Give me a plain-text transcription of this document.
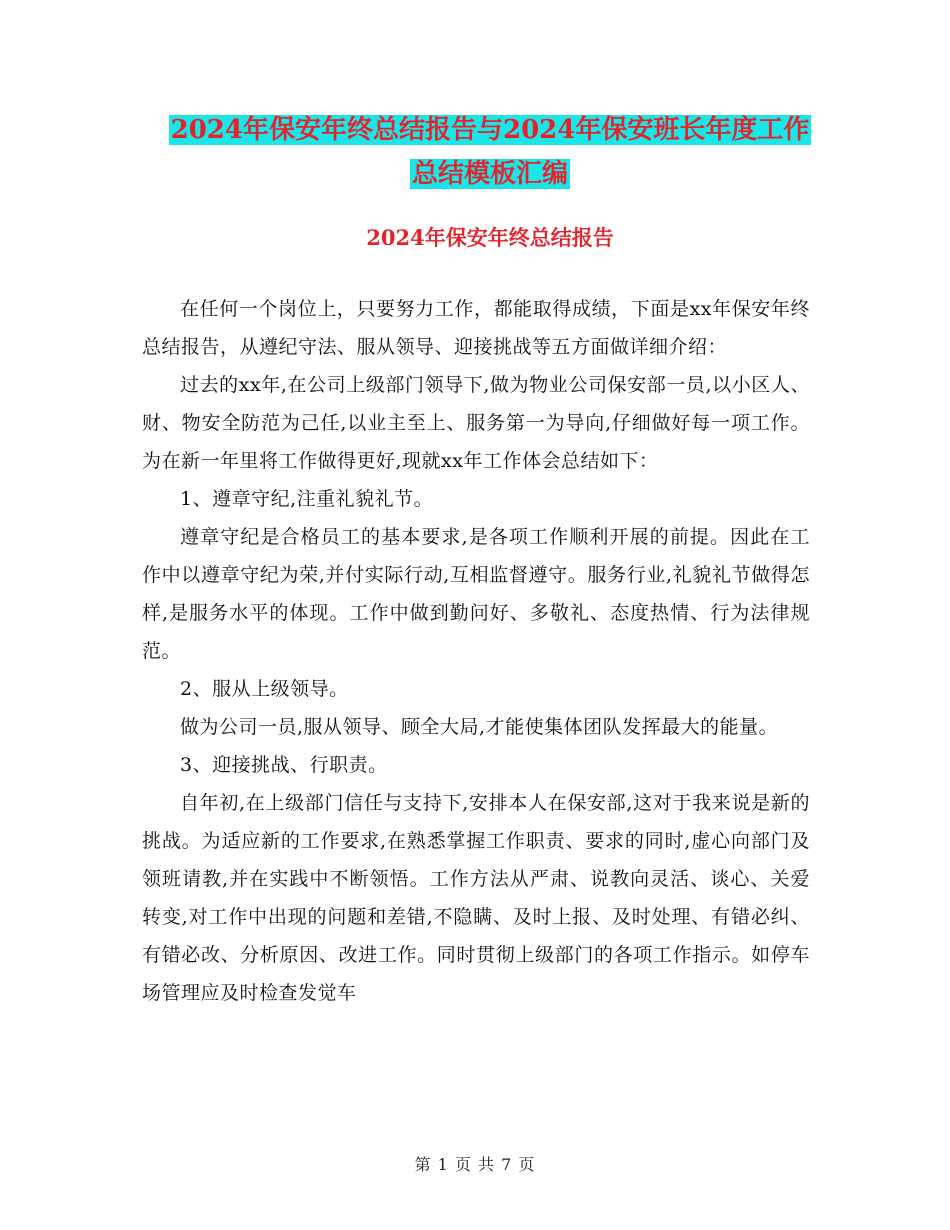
2024年保安年终总结报告与2024年保安班长年度工作
总结模板汇编
2024年保安年终总结报告

在任何一个岗位上，只要努力工作，都能取得成绩，下面是xx年保安年终总结报告，从遵纪守法、服从领导、迎接挑战等五方面做详细介绍：

过去的xx年,在公司上级部门领导下,做为物业公司保安部一员,以小区人、财、物安全防范为己任,以业主至上、服务第一为导向,仔细做好每一项工作。为在新一年里将工作做得更好,现就xx年工作体会总结如下：

1、遵章守纪,注重礼貌礼节。

遵章守纪是合格员工的基本要求,是各项工作顺利开展的前提。因此在工作中以遵章守纪为荣,并付实际行动,互相监督遵守。服务行业,礼貌礼节做得怎样,是服务水平的体现。工作中做到勤问好、多敬礼、态度热情、行为法律规范。

2、服从上级领导。

做为公司一员,服从领导、顾全大局,才能使集体团队发挥最大的能量。

3、迎接挑战、行职责。

自年初,在上级部门信任与支持下,安排本人在保安部,这对于我来说是新的挑战。为适应新的工作要求,在熟悉掌握工作职责、要求的同时,虚心向部门及领班请教,并在实践中不断领悟。工作方法从严肃、说教向灵活、谈心、关爱转变,对工作中出现的问题和差错,不隐瞒、及时上报、及时处理、有错必纠、有错必改、分析原因、改进工作。同时贯彻上级部门的各项工作指示。如停车场管理应及时检查发觉车

第 1 页 共 7 页
